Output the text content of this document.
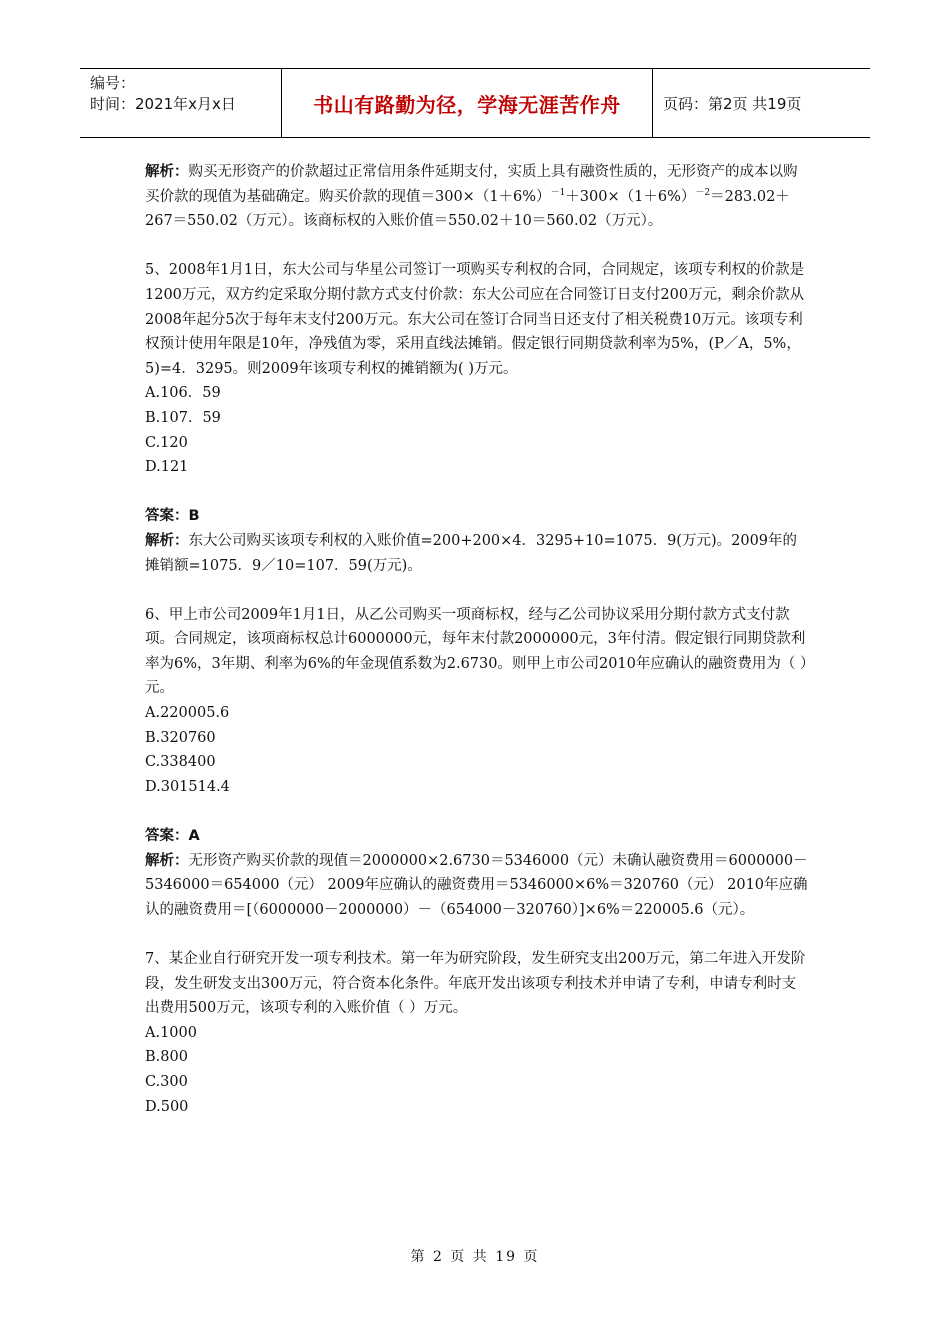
编号：
时间：2021年x月x日	书山有路勤为径，学海无涯苦作舟	页码：第2页 共19页

解析：购买无形资产的价款超过正常信用条件延期支付，实质上具有融资性质的，无形资产的成本以购买价款的现值为基础确定。购买价款的现值$=300\times(1+6\%)^{-1}+300\times(1+6\%)^{-2}=283.02+267=550.02$（万元）。该商标权的入账价值＝550.02＋10＝560.02（万元）。

5、2008年1月1日，东大公司与华星公司签订一项购买专利权的合同，合同规定，该项专利权的价款是1200万元，双方约定采取分期付款方式支付价款：东大公司应在合同签订日支付200万元，剩余价款从2008年起分5次于每年末支付200万元。东大公司在签订合同当日还支付了相关税费10万元。该项专利权预计使用年限是10年，净残值为零，采用直线法摊销。假定银行同期贷款利率为5%，(P／A，5%，5)=4．3295。则2009年该项专利权的摊销额为( )万元。

A.106．59

B.107．59

C.120

D.121

答案：B

解析：东大公司购买该项专利权的入账价值=200+200×4．3295+10=1075．9(万元)。2009年的摊销额=1075．9／10=107．59(万元)。

6、甲上市公司2009年1月1日，从乙公司购买一项商标权，经与乙公司协议采用分期付款方式支付款项。合同规定，该项商标权总计6000000元，每年末付款2000000元，3年付清。假定银行同期贷款利率为6%，3年期、利率为6%的年金现值系数为2.6730。则甲上市公司2010年应确认的融资费用为（ ）元。

A.220005.6

B.320760

C.338400

D.301514.4

答案：A

解析：无形资产购买价款的现值＝2000000×2.6730＝5346000（元）未确认融资费用＝6000000－5346000＝654000（元） 2009年应确认的融资费用＝5346000×6%＝320760（元） 2010年应确认的融资费用＝[（6000000－2000000）－（654000－320760）]×6%＝220005.6（元）。

7、某企业自行研究开发一项专利技术。第一年为研究阶段，发生研究支出200万元，第二年进入开发阶段，发生研发支出300万元，符合资本化条件。年底开发出该项专利技术并申请了专利，申请专利时支出费用500万元，该项专利的入账价值（ ）万元。

A.1000

B.800

C.300

D.500

第 2 页 共 19 页
